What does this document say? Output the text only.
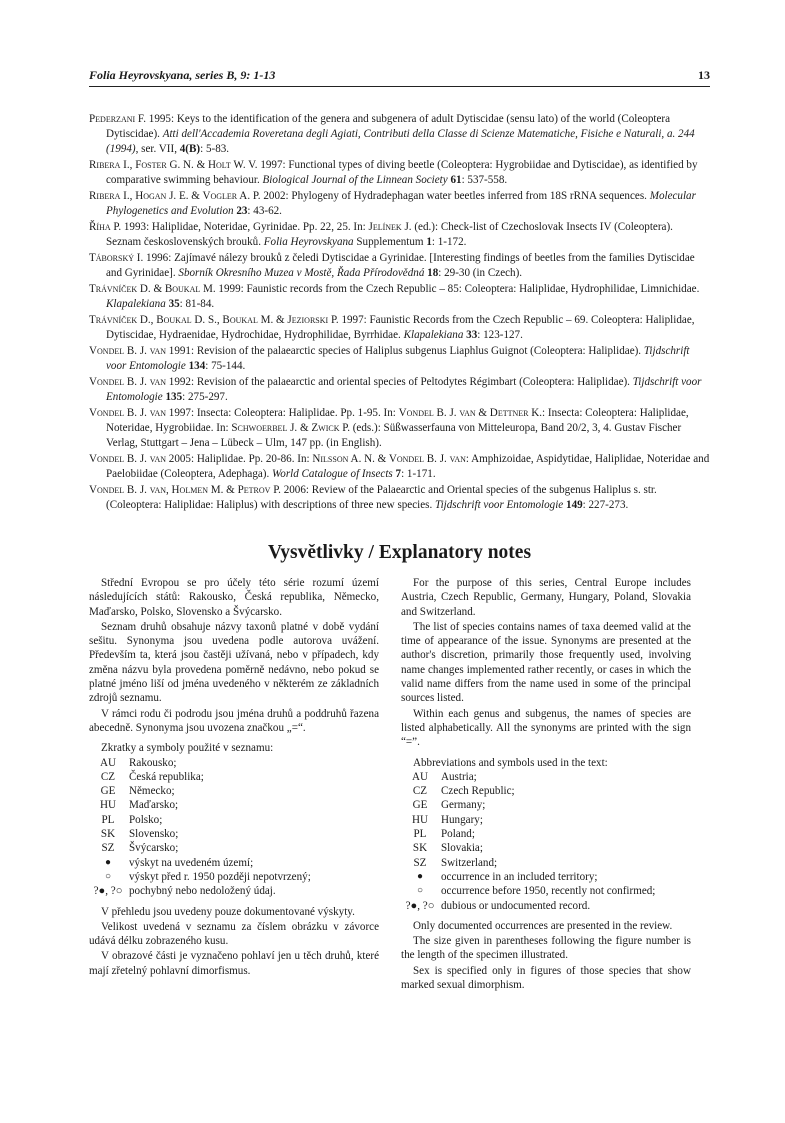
Folia Heyrovskyana, series B, 9: 1-13	13

Pederzani F. 1995: Keys to the identification of the genera and subgenera of adult Dytiscidae (sensu lato) of the world (Coleoptera Dytiscidae). Atti dell'Accademia Roveretana degli Agiati, Contributi della Classe di Scienze Matematiche, Fisiche e Naturali, a. 244 (1994), ser. VII, 4(B): 5-83.

Ribera I., Foster G. N. & Holt W. V. 1997: Functional types of diving beetle (Coleoptera: Hygrobiidae and Dytiscidae), as identified by comparative swimming behaviour. Biological Journal of the Linnean Society 61: 537-558.

Ribera I., Hogan J. E. & Vogler A. P. 2002: Phylogeny of Hydradephagan water beetles inferred from 18S rRNA sequences. Molecular Phylogenetics and Evolution 23: 43-62.

Říha P. 1993: Haliplidae, Noteridae, Gyrinidae. Pp. 22, 25. In: Jelínek J. (ed.): Check-list of Czechoslovak Insects IV (Coleoptera). Seznam československých brouků. Folia Heyrovskyana Supplementum 1: 1-172.

Táborský I. 1996: Zajímavé nálezy brouků z čeledi Dytiscidae a Gyrinidae. [Interesting findings of beetles from the families Dytiscidae and Gyrinidae]. Sborník Okresního Muzea v Mostě, Řada Přírodovědná 18: 29-30 (in Czech).

Trávníček D. & Boukal M. 1999: Faunistic records from the Czech Republic – 85: Coleoptera: Haliplidae, Hydrophilidae, Limnichidae. Klapalekiana 35: 81-84.

Trávníček D., Boukal D. S., Boukal M. & Jeziorski P. 1997: Faunistic Records from the Czech Republic – 69. Coleoptera: Haliplidae, Dytiscidae, Hydraenidae, Hydrochidae, Hydrophilidae, Byrrhidae. Klapalekiana 33: 123-127.

Vondel B. J. van 1991: Revision of the palaearctic species of Haliplus subgenus Liaphlus Guignot (Coleoptera: Haliplidae). Tijdschrift voor Entomologie 134: 75-144.

Vondel B. J. van 1992: Revision of the palaearctic and oriental species of Peltodytes Régimbart (Coleoptera: Haliplidae). Tijdschrift voor Entomologie 135: 275-297.

Vondel B. J. van 1997: Insecta: Coleoptera: Haliplidae. Pp. 1-95. In: Vondel B. J. van & Dettner K.: Insecta: Coleoptera: Haliplidae, Noteridae, Hygrobiidae. In: Schwoerbel J. & Zwick P. (eds.): Süßwasserfauna von Mitteleuropa, Band 20/2, 3, 4. Gustav Fischer Verlag, Stuttgart – Jena – Lübeck – Ulm, 147 pp. (in English).

Vondel B. J. van 2005: Haliplidae. Pp. 20-86. In: Nilsson A. N. & Vondel B. J. van: Amphizoidae, Aspidytidae, Haliplidae, Noteridae and Paelobiidae (Coleoptera, Adephaga). World Catalogue of Insects 7: 1-171.

Vondel B. J. van, Holmen M. & Petrov P. 2006: Review of the Palaearctic and Oriental species of the subgenus Haliplus s. str. (Coleoptera: Haliplidae: Haliplus) with descriptions of three new species. Tijdschrift voor Entomologie 149: 227-273.

Vysvětlivky / Explanatory notes

Střední Evropou se pro účely této série rozumí území následujících států: Rakousko, Česká republika, Německo, Maďarsko, Polsko, Slovensko a Švýcarsko.

Seznam druhů obsahuje názvy taxonů platné v době vydání sešitu. Synonyma jsou uvedena podle autorova uvážení. Především ta, která jsou častěji užívaná, nebo v případech, kdy změna názvu byla provedena poměrně nedávno, nebo pokud se platné jméno liší od jména uvedeného v některém ze základních zdrojů seznamu.

V rámci rodu či podrodu jsou jména druhů a poddruhů řazena abecedně. Synonyma jsou uvozena značkou „=“.

Zkratky a symboly použité v seznamu:

AU	Rakousko;
CZ	Česká republika;
GE	Německo;
HU	Maďarsko;
PL	Polsko;
SK	Slovensko;
SZ	Švýcarsko;
●	výskyt na uvedeném území;
○	výskyt před r. 1950 později nepotvrzený;
?●, ?○	pochybný nebo nedoložený údaj.

V přehledu jsou uvedeny pouze dokumentované výskyty.

Velikost uvedená v seznamu za číslem obrázku v závorce udává délku zobrazeného kusu.

V obrazové části je vyznačeno pohlaví jen u těch druhů, které mají zřetelný pohlavní dimorfismus.

For the purpose of this series, Central Europe includes Austria, Czech Republic, Germany, Hungary, Poland, Slovakia and Switzerland.

The list of species contains names of taxa deemed valid at the time of appearance of the issue. Synonyms are presented at the author's discretion, primarily those frequently used, involving name changes implemented rather recently, or cases in which the valid name differs from the name used in some of the principal sources listed.

Within each genus and subgenus, the names of species are listed alphabetically. All the synonyms are printed with the sign “=”.

Abbreviations and symbols used in the text:

AU	Austria;
CZ	Czech Republic;
GE	Germany;
HU	Hungary;
PL	Poland;
SK	Slovakia;
SZ	Switzerland;
●	occurrence in an included territory;
○	occurrence before 1950, recently not confirmed;
?●, ?○	dubious or undocumented record.

Only documented occurrences are presented in the review.

The size given in parentheses following the figure number is the length of the specimen illustrated.

Sex is specified only in figures of those species that show marked sexual dimorphism.
